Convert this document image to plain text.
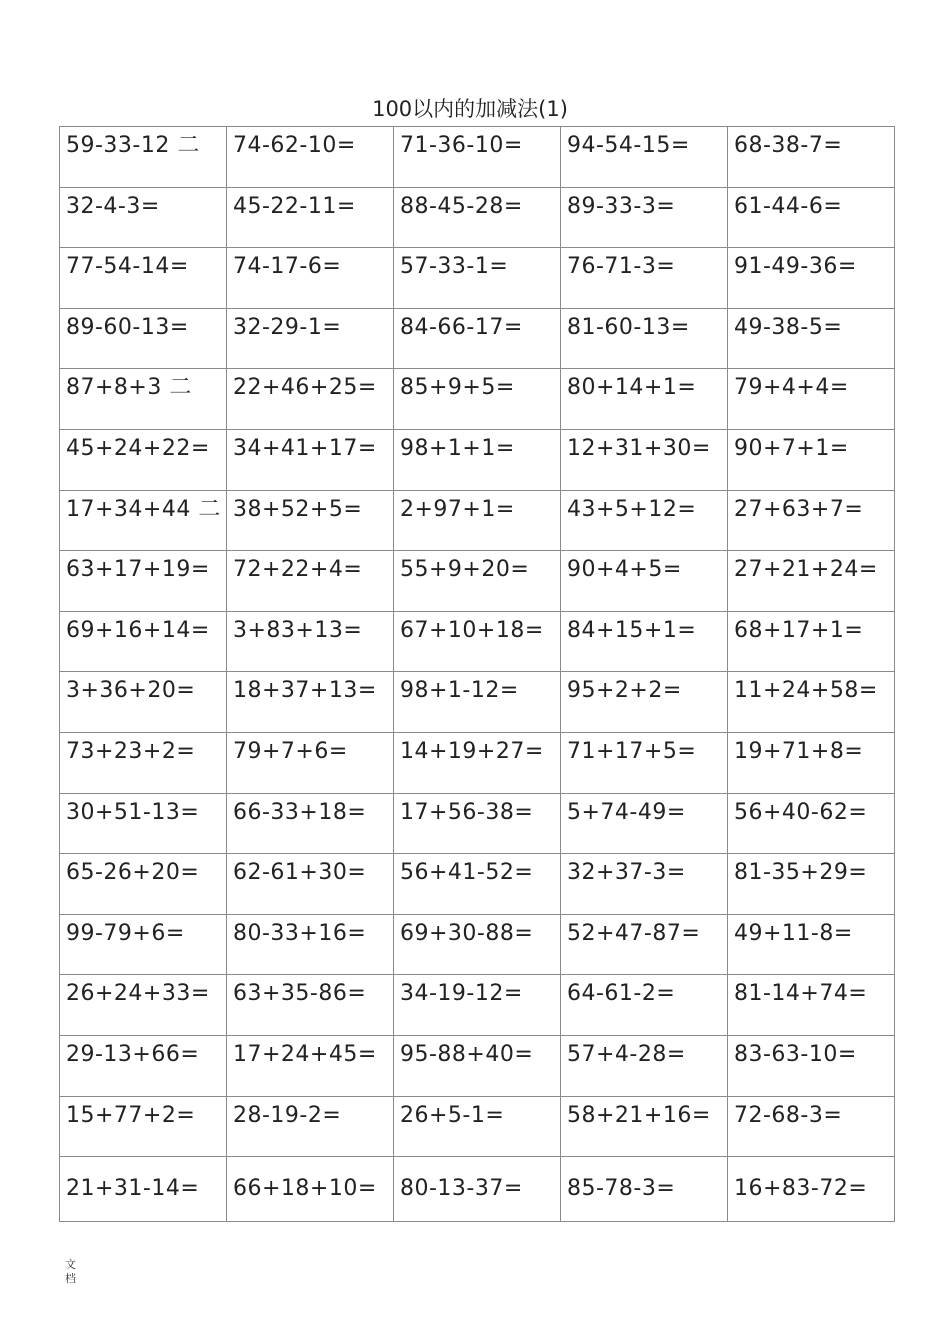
100以内的加减法(1)
59-33-12 二	74-62-10=	71-36-10=	94-54-15=	68-38-7=

32-4-3=	45-22-11=	88-45-28=	89-33-3=	61-44-6=

77-54-14=	74-17-6=	57-33-1=	76-71-3=	91-49-36=

89-60-13=	32-29-1=	84-66-17=	81-60-13=	49-38-5=

87+8+3 二	22+46+25=	85+9+5=	80+14+1=	79+4+4=

45+24+22=	34+41+17=	98+1+1=	12+31+30=	90+7+1=

17+34+44 二	38+52+5=	2+97+1=	43+5+12=	27+63+7=

63+17+19=	72+22+4=	55+9+20=	90+4+5=	27+21+24=

69+16+14=	3+83+13=	67+10+18=	84+15+1=	68+17+1=

3+36+20=	18+37+13=	98+1-12=	95+2+2=	11+24+58=

73+23+2=	79+7+6=	14+19+27=	71+17+5=	19+71+8=

30+51-13=	66-33+18=	17+56-38=	5+74-49=	56+40-62=

65-26+20=	62-61+30=	56+41-52=	32+37-3=	81-35+29=

99-79+6=	80-33+16=	69+30-88=	52+47-87=	49+11-8=

26+24+33=	63+35-86=	34-19-12=	64-61-2=	81-14+74=

29-13+66=	17+24+45=	95-88+40=	57+4-28=	83-63-10=

15+77+2=	28-19-2=	26+5-1=	58+21+16=	72-68-3=

21+31-14=	66+18+10=	80-13-37=	85-78-3=	16+83-72=
文档
